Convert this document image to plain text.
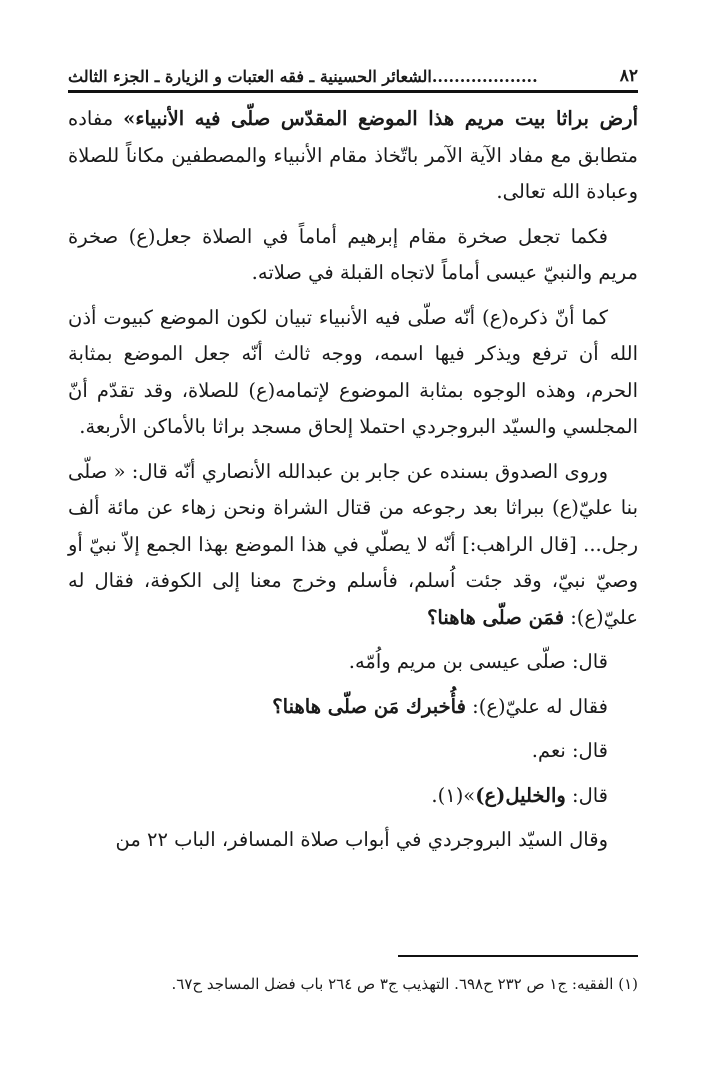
٨٢
...................الشعائر الحسينية ـ فقه العتبات و الزيارة ـ الجزء الثالث

أرض براثا بيت مريم هذا الموضع المقدّس صلّى فيه الأنبياء» مفاده متطابق مع مفاد الآية الآمر باتّخاذ مقام الأنبياء والمصطفين مكاناً للصلاة وعبادة الله تعالى.

فكما تجعل صخرة مقام إبرهيم أماماً في الصلاة جعل(ع) صخرة مريم والنبيّ عيسى أماماً لاتجاه القبلة في صلاته.

كما أنّ ذكره(ع) أنّه صلّى فيه الأنبياء تبيان لكون الموضع كبيوت أذن الله أن ترفع ويذكر فيها اسمه، ووجه ثالث أنّه جعل الموضع بمثابة الحرم، وهذه الوجوه بمثابة الموضوع لإتمامه(ع) للصلاة، وقد تقدّم أنّ المجلسي والسيّد البروجردي احتملا إلحاق مسجد براثا بالأماكن الأربعة.

وروى الصدوق بسنده عن جابر بن عبدالله الأنصاري أنّه قال: « صلّى بنا عليّ(ع) ببراثا بعد رجوعه من قتال الشراة ونحن زهاء عن مائة ألف رجل... [قال الراهب:] أنّه لا يصلّي في هذا الموضع بهذا الجمع إلاّ نبيّ أو وصيّ نبيّ، وقد جئت اُسلم، فأسلم وخرج معنا إلى الكوفة، فقال له عليّ(ع): فمَن صلّى هاهنا؟

قال: صلّى عيسى بن مريم واُمّه.

فقال له عليّ(ع): فأُخبرك مَن صلّى هاهنا؟

قال: نعم.

قال: والخليل(ع)»(١).

وقال السيّد البروجردي في أبواب صلاة المسافر، الباب ٢٢ من

(١) الفقيه: ج١ ص ٢٣٢ ح٦٩٨. التهذيب ج٣ ص ٢٦٤ باب فضل المساجد ح٦٧.
